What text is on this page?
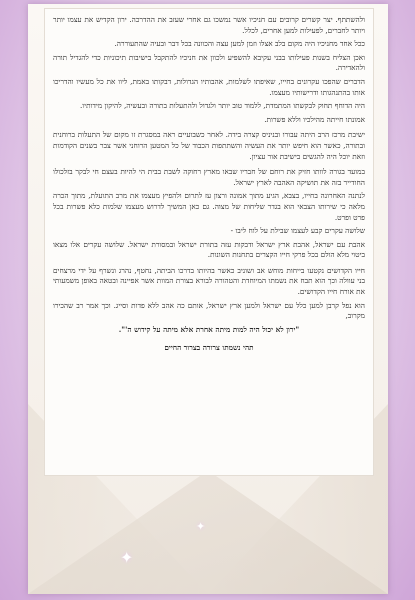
✦
✦

ולהשתתף. יצר קשרים קרובים עם חניכיו אשר נמשכו גם אחרי שעזב את ההדרכה. ירון הקדיש את עצמו יותר ויותר לחברים, לפעילות למען אחרים, לכלל.

ככל אחד מחניכיו היה מקום בלב אצלו וזמן למען עצה והכוונה בכל דבר ובעיה שהתעוררה.

ואכן הצליח בשנות פעילותו בבני עקיבא להשפיע ולכוון את חניכיו להתקבל בישיבות תיכוניות כדי להגדיל תורה ולהאדירה.

הדברים שהפכו עקרונים בחייו, שאיפתו לשלמות, אהבותיו הגדולות, דבקותו באמת, ליוו את כל מעשיו והדריכו אותו בהתנהגותו ודרישותיו מעצמו.

היה הדוחף תחוק לבקשתו המתמדת, ללמוד טוב יותר ולגדול ולהתעלות בתורה ובעשיה, להיקון מידותיו.

אמונתו חייתה מהילכיו וללא פשרות.

ישיבת מרכז הרב היתה עבורו ובניניס קצרה בידה. לאחר כשבועיים ראה במסגרת זו מקום של התעלות ברוחנית ובתורה, כאשר הוא חיפש יותר את העשיה והשתתפות הכבוד של כל המטען הרוחני אשר צבר בשנים הקודמות וזאת יוכל היה להגשים בישיבת אור עציון.

במועד בגורה לוותו חזיק את רוחם של חבריו שבאו מארץ רחוקה לשבת בבית הי להיות בעצם חי לבקר בזלכולו החודייר בזה את תושיקה האהבה לארץ ישראל.

לנתנה האחרונה בחייו, בצבא, הגיע מתוך אמונה ורצון עז לתרום ולהפיץ מעצמו את מרב התועלת, מתוך הכרה מלאה כי שירותו הצבאי הוא בגדר שליחות של מצוה. גם כאן המשיך לדרוש מעצמו שלמות כלא פשרות בכל פרט ופרט.

שלושה עקרים קבע לעצמו שבילת על לוח ליבו -

אהבת עם ישראל, אהבת ארץ ישראל ודבקות עזה בתורת ישראל ובמסורת ישראל. שלושה עקרים אלו מצאו ביטוי מלא הולם בכל פרקי חייו הקצרים בתחנות השונות.

חייו הקדושים נקטעו בייחות מוחש אב ושוניב כאשר בהיותו בדרכו הביתה, נחטף, נהרג ונשרף על ידי מרצחים בני עוולה וכך הוא תבח את נשמתו המיוחדת והטהורה לבורא בצורת המוות אשר אפיינה ובטאה באופן משמעותי את אורח חייו הקדושים.

הוא נפל קרבן למען כלל עם ישראל ולמען ארץ ישראל, אותם כה אהב ללא פדות וסייג. וכך אמר רב שהכירו מקרוב,

"ירון לא יכול היה למות מיתה אחרת אלא מיתה על קידוש ה'".

תהי נשמתו צרורה בצרור החיים
